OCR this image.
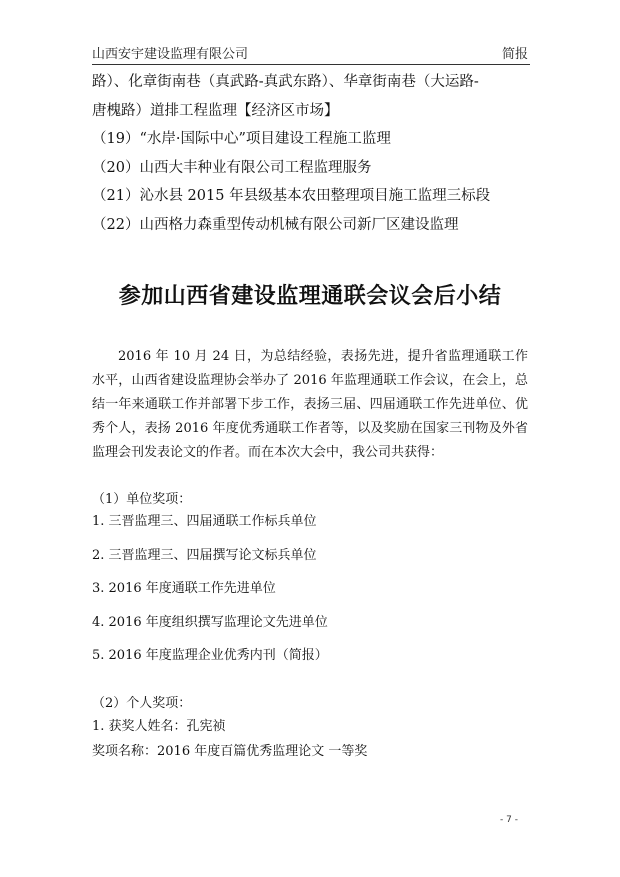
山西安宇建设监理有限公司	简报
路）、化章街南巷（真武路-真武东路）、华章街南巷（大运路-
唐槐路）道排工程监理【经济区市场】
（19）“水岸·国际中心”项目建设工程施工监理
（20）山西大丰种业有限公司工程监理服务
（21）沁水县 2015 年县级基本农田整理项目施工监理三标段
（22）山西格力森重型传动机械有限公司新厂区建设监理
参加山西省建设监理通联会议会后小结

2016 年 10 月 24 日，为总结经验，表扬先进，提升省监理通联工作水平，山西省建设监理协会举办了 2016 年监理通联工作会议，在会上，总结一年来通联工作并部署下步工作，表扬三届、四届通联工作先进单位、优秀个人，表扬 2016 年度优秀通联工作者等，以及奖励在国家三刊物及外省监理会刊发表论文的作者。而在本次大会中，我公司共获得：

（1）单位奖项：

1. 三晋监理三、四届通联工作标兵单位
2. 三晋监理三、四届撰写论文标兵单位
3. 2016 年度通联工作先进单位
4. 2016 年度组织撰写监理论文先进单位
5. 2016 年度监理企业优秀内刊（简报）

（2）个人奖项：

1. 获奖人姓名：孔宪祯

奖项名称：2016 年度百篇优秀监理论文 一等奖

- 7 -
